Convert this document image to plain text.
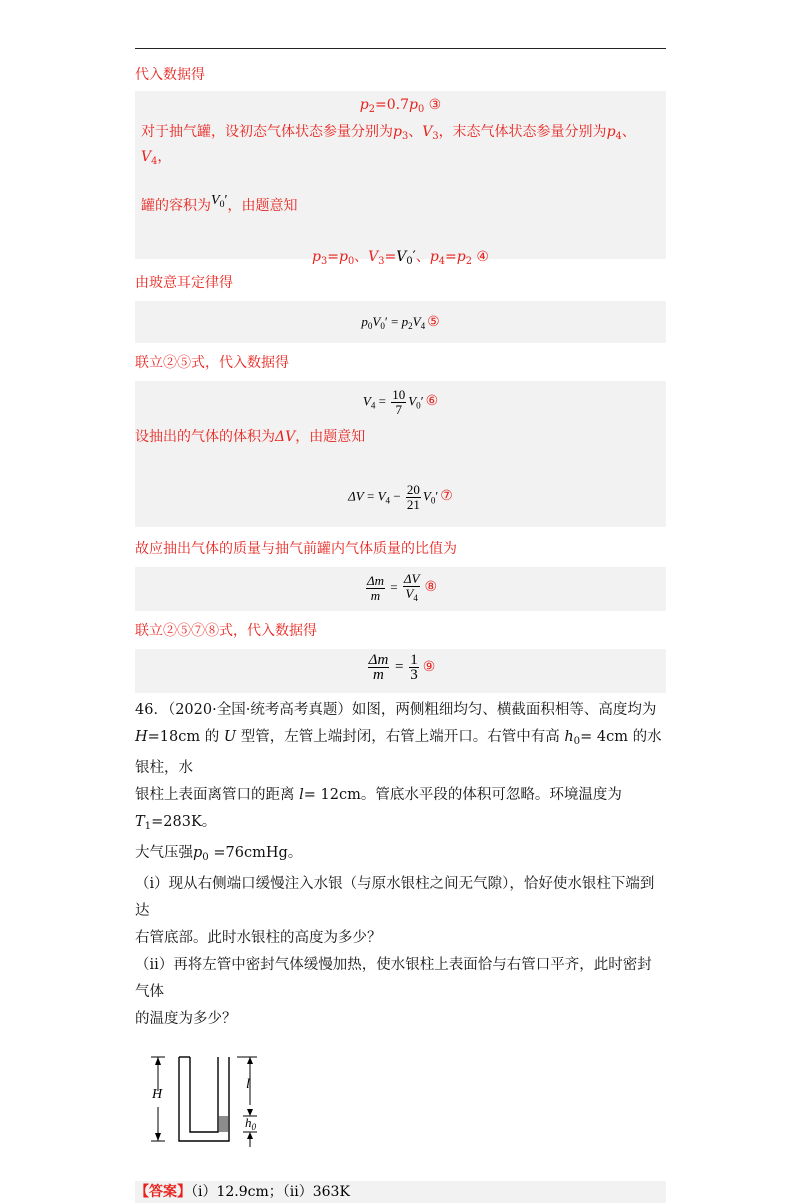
代入数据得
$p_2=0.7p_0$ ③
对于抽气罐，设初态气体状态参量分别为$p_3$、$V_3$，末态气体状态参量分别为$p_4$、$V_4$，
罐的容积为$V_0'$，由题意知
$p_3=p_0$、$V_3=V_0'$、$p_4=p_2$ ④
由玻意耳定律得
$p_0V_0' = p_2V_4$ ⑤
联立②⑤式，代入数据得
$V_4 = \frac{10}{7} V_0'$ ⑥
设抽出的气体的体积为ΔV，由题意知
$\Delta V = V_4 - \frac{20}{21} V_0'$ ⑦
故应抽出气体的质量与抽气前罐内气体质量的比值为
$\frac{\Delta m}{m} = \frac{\Delta V}{V_4}$ ⑧
联立②⑤⑦⑧式，代入数据得
$\frac{\Delta m}{m} = \frac{1}{3}$ ⑨
46．（2020·全国·统考高考真题）如图，两侧粗细均匀、横截面积相等、高度均为
H=18cm 的 U 型管，左管上端封闭，右管上端开口。右管中有高 $h_0= 4cm$ 的水银柱，水
银柱上表面离管口的距离 l= 12cm。管底水平段的体积可忽略。环境温度为 $T_1=283K$。
大气压强$p_0$ =76cmHg。
（i）现从右侧端口缓慢注入水银（与原水银柱之间无气隙），恰好使水银柱下端到达
右管底部。此时水银柱的高度为多少？
（ii）再将左管中密封气体缓慢加热，使水银柱上表面恰与右管口平齐，此时密封气体
的温度为多少？
H
l
$h_0$
【答案】（i）12.9cm；（ii）363K
